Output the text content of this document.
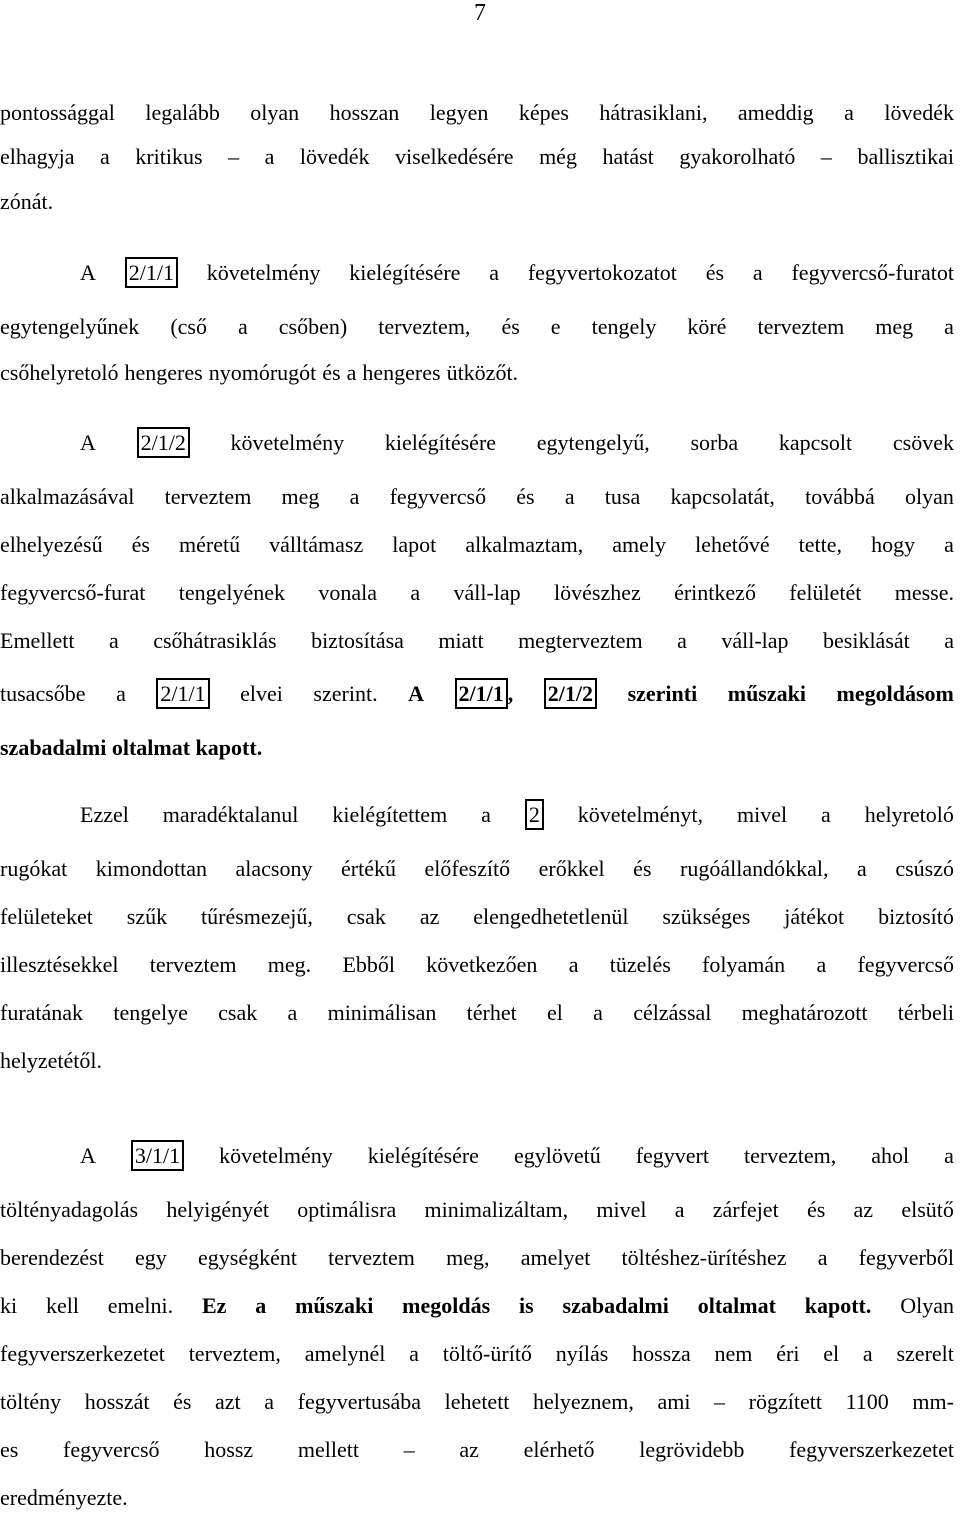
7
pontossággal legalább olyan hosszan legyen képes hátrasiklani, ameddig a lövedék
elhagyja a kritikus – a lövedék viselkedésére még hatást gyakorolható – ballisztikai
zónát.
A 2/1/1 követelmény kielégítésére a fegyvertokozatot és a fegyvercső-furatot
egytengelyűnek (cső a csőben) terveztem, és e tengely köré terveztem meg a
csőhelyretoló hengeres nyomórugót és a hengeres ütközőt.
A 2/1/2 követelmény kielégítésére egytengelyű, sorba kapcsolt csövek
alkalmazásával terveztem meg a fegyvercső és a tusa kapcsolatát, továbbá olyan
elhelyezésű és méretű válltámasz lapot alkalmaztam, amely lehetővé tette, hogy a
fegyvercső-furat tengelyének vonala a váll-lap lövészhez érintkező felületét messe.
Emellett a csőhátrasiklás biztosítása miatt megterveztem a váll-lap besiklását a
tusacsőbe a 2/1/1 elvei szerint. A 2/1/1 , 2/1/2 szerinti műszaki megoldásom
szabadalmi oltalmat kapott.
Ezzel maradéktalanul kielégítettem a 2 követelményt, mivel a helyretoló
rugókat kimondottan alacsony értékű előfeszítő erőkkel és rugóállandókkal, a csúszó
felületeket szűk tűrésmezejű, csak az elengedhetetlenül szükséges játékot biztosító
illesztésekkel terveztem meg. Ebből következően a tüzelés folyamán a fegyvercső
furatának tengelye csak a minimálisan térhet el a célzással meghatározott térbeli
helyzetétől.
A 3/1/1 követelmény kielégítésére egylövetű fegyvert terveztem, ahol a
töltényadagolás helyigényét optimálisra minimalizáltam, mivel a zárfejet és az elsütő
berendezést egy egységként terveztem meg, amelyet töltéshez-ürítéshez a fegyverből
ki kell emelni. Ez a műszaki megoldás is szabadalmi oltalmat kapott. Olyan
fegyverszerkezetet terveztem, amelynél a töltő-ürítő nyílás hossza nem éri el a szerelt
töltény hosszát és azt a fegyvertusába lehetett helyeznem, ami – rögzített 1100 mm-
es fegyvercső hossz mellett – az elérhető legrövidebb fegyverszerkezetet
eredményezte.
